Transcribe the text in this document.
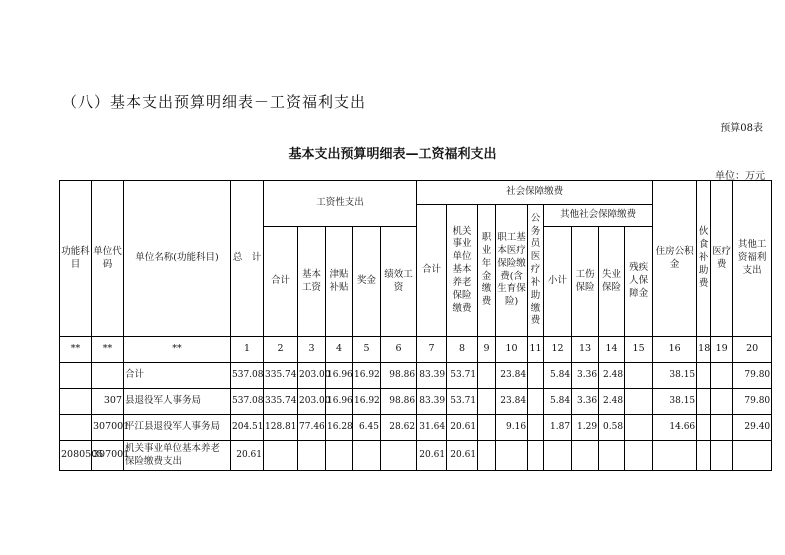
（八）基本支出预算明细表－工资福利支出
预算08表
基本支出预算明细表—工资福利支出
单位：万元
功能科目	单位代码	单位名称(功能科目)	总　计	工资性支出					社会保障缴费									住房公积金	伙食补助费	医疗费	其他工资福利支出
									合计	机关事业单位基本养老保险缴费	职业年金缴费	职工基本医疗保险缴费(含生育保险)	公务员医疗补助缴费	其他社会保障缴费							
				合计	基本工资	津贴补贴	奖金	绩效工资						小计	工伤保险	失业保险	残疾人保障金				

**	**	**	1	2	3	4	5	6	7	8	9	10	11	12	13	14	15	16	18	19	20
		合计	537.08	335.74	203.00	16.96	16.92	98.86	83.39	53.71		23.84		5.84	3.36	2.48		38.15			79.80
	307	县退役军人事务局	537.08	335.74	203.00	16.96	16.92	98.86	83.39	53.71		23.84		5.84	3.36	2.48		38.15			79.80
	307001	平江县退役军人事务局	204.51	128.81	77.46	16.28	6.45	28.62	31.64	20.61		9.16		1.87	1.29	0.58		14.66			29.40
2080505	307001	机关事业单位基本养老保险缴费支出	20.61						20.61	20.61											
